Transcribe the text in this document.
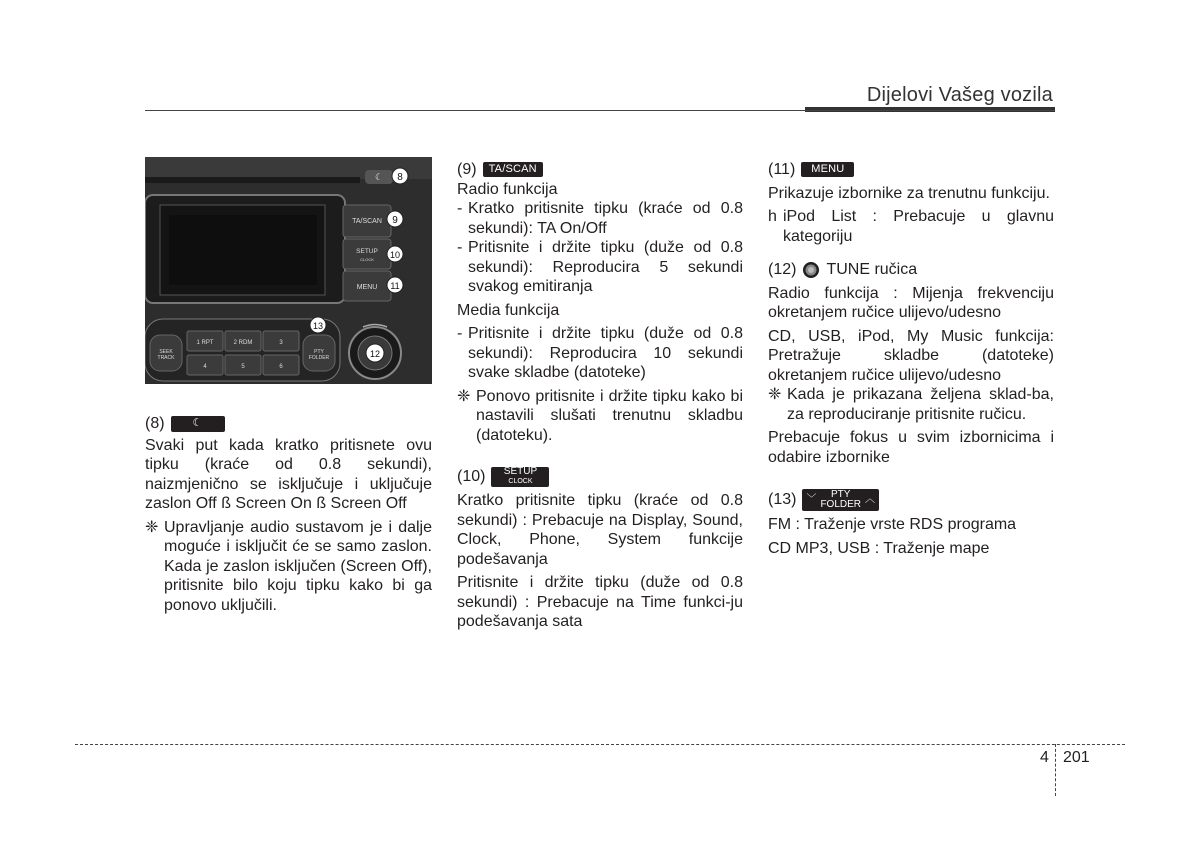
Dijelovi Vašeg vozila
☾
TA/SCAN
SETUP
CLOCK
MENU
8
9
10
11
SEEK
TRACK
1 RPT	2 RDM	3
4	5	6
PTY
FOLDER
13
12
(8)	☾

Svaki put kada kratko pritisnete ovu tipku (kraće od 0.8 sekundi), naizmjenično se isključuje i uključuje zaslon Off ß Screen On ß Screen Off

❈ Upravljanje audio sustavom je i dalje moguće i isključit će se samo zaslon. Kada je zaslon isključen (Screen Off), pritisnite bilo koju tipku kako bi ga ponovo uključili.
(9)	TA/SCAN

Radio funkcija

- Kratko pritisnite tipku (kraće od 0.8 sekundi): TA On/Off
- Pritisnite i držite tipku (duže od 0.8 sekundi): Reproducira 5 sekundi svakog emitiranja

Media funkcija

- Pritisnite i držite tipku (duže od 0.8 sekundi): Reproducira 10 sekundi svake skladbe (datoteke)
❈ Ponovo pritisnite i držite tipku kako bi nastavili slušati trenutnu skladbu (datoteku).
(10) SETUP
CLOCK

Kratko pritisnite tipku (kraće od 0.8 sekundi) : Prebacuje na Display, Sound, Clock, Phone, System funkcije podešavanja

Pritisnite i držite tipku (duže od 0.8 sekundi) : Prebacuje na Time funkci-ju podešavanja sata

(11)	MENU

Prikazuje izbornike za trenutnu funkciju.

h iPod List : Prebacuje u glavnu kategoriju
(12) TUNE ručica

Radio funkcija : Mijenja frekvenciju okretanjem ručice ulijevo/udesno

CD, USB, iPod, My Music funkcija: Pretražuje skladbe (datoteke) okretanjem ručice ulijevo/udesno

❈ Kada je prikazana željena sklad-ba, za reproduciranje pritisnite ručicu.

Prebacuje fokus u svim izbornicima i odabire izbornike

(13) ﹀ PTY
FOLDER ︿

FM : Traženje vrste RDS programa

CD MP3, USB : Traženje mape

4 201
